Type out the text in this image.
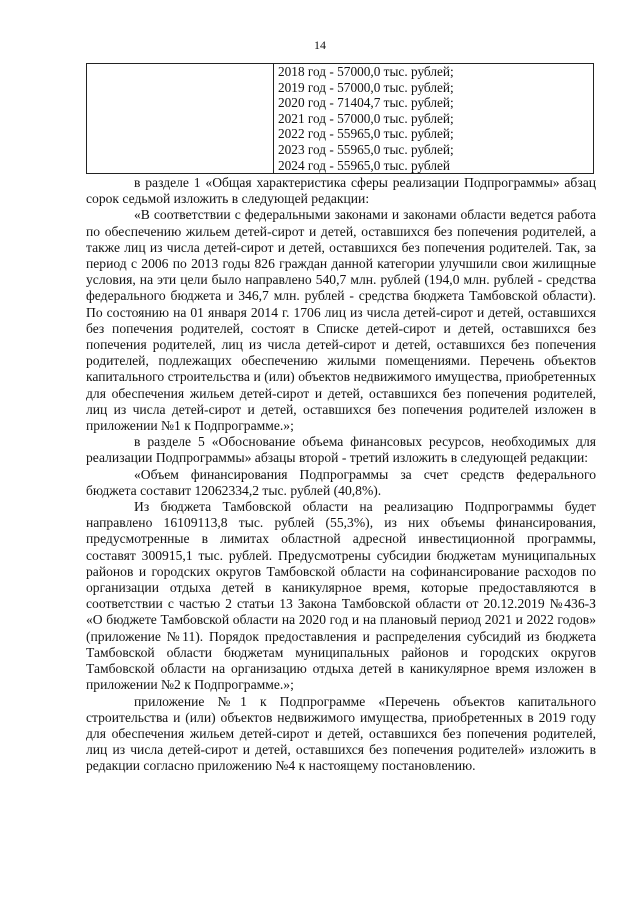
14

2018 год - 57000,0 тыс. рублей;
2019 год - 57000,0 тыс. рублей;
2020 год - 71404,7 тыс. рублей;
2021 год - 57000,0 тыс. рублей;
2022 год - 55965,0 тыс. рублей;
2023 год - 55965,0 тыс. рублей;
2024 год - 55965,0 тыс. рублей

в разделе 1 «Общая характеристика сферы реализации Подпрограммы» абзац сорок седьмой изложить в следующей редакции:

«В соответствии с федеральными законами и законами области ведется работа по обеспечению жильем детей-сирот и детей, оставшихся без попечения родителей, а также лиц из числа детей-сирот и детей, оставшихся без попечения родителей. Так, за период с 2006 по 2013 годы 826 граждан данной категории улучшили свои жилищные условия, на эти цели было направлено 540,7 млн. рублей (194,0 млн. рублей - средства федерального бюджета и 346,7 млн. рублей - средства бюджета Тамбовской области). По состоянию на 01 января 2014 г. 1706 лиц из числа детей-сирот и детей, оставшихся без попечения родителей, состоят в Списке детей-сирот и детей, оставшихся без попечения родителей, лиц из числа детей-сирот и детей, оставшихся без попечения родителей, подлежащих обеспечению жилыми помещениями. Перечень объектов капитального строительства и (или) объектов недвижимого имущества, приобретенных для обеспечения жильем детей-сирот и детей, оставшихся без попечения родителей, лиц из числа детей-сирот и детей, оставшихся без попечения родителей изложен в приложении №1 к Подпрограмме.»;

в разделе 5 «Обоснование объема финансовых ресурсов, необходимых для реализации Подпрограммы» абзацы второй - третий изложить в следующей редакции:

«Объем финансирования Подпрограммы за счет средств федерального бюджета составит 12062334,2 тыс. рублей (40,8%).

Из бюджета Тамбовской области на реализацию Подпрограммы будет направлено 16109113,8 тыс. рублей (55,3%), из них объемы финансирования, предусмотренные в лимитах областной адресной инвестиционной программы, составят 300915,1 тыс. рублей. Предусмотрены субсидии бюджетам муниципальных районов и городских округов Тамбовской области на софинансирование расходов по организации отдыха детей в каникулярное время, которые предоставляются в соответствии с частью 2 статьи 13 Закона Тамбовской области от 20.12.2019 №436-З «О бюджете Тамбовской области на 2020 год и на плановый период 2021 и 2022 годов» (приложение №11). Порядок предоставления и распределения субсидий из бюджета Тамбовской области бюджетам муниципальных районов и городских округов Тамбовской области на организацию отдыха детей в каникулярное время изложен в приложении №2 к Подпрограмме.»;

приложение №1 к Подпрограмме «Перечень объектов капитального строительства и (или) объектов недвижимого имущества, приобретенных в 2019 году для обеспечения жильем детей-сирот и детей, оставшихся без попечения родителей, лиц из числа детей-сирот и детей, оставшихся без попечения родителей» изложить в редакции согласно приложению №4 к настоящему постановлению.
